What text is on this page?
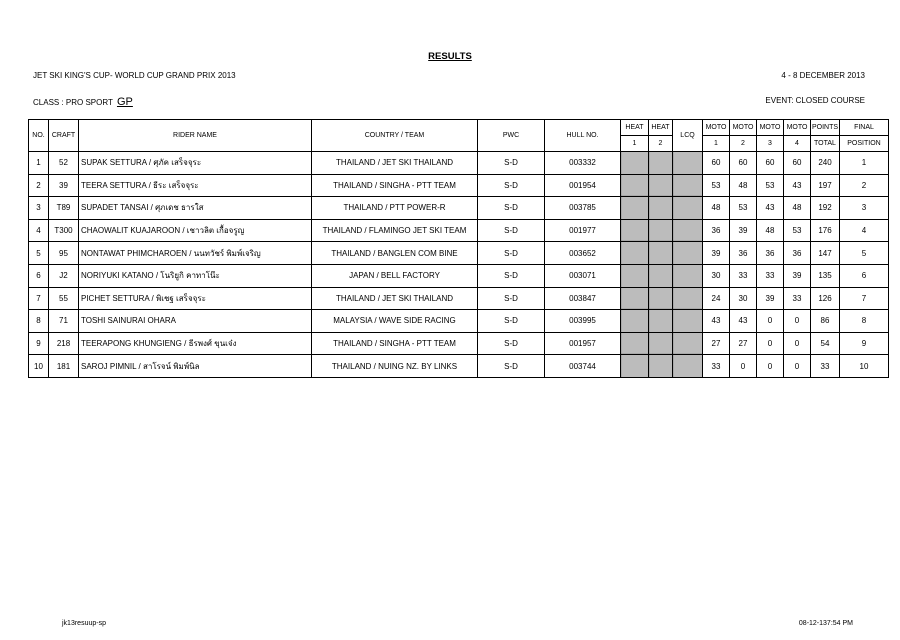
RESULTS
JET SKI KING'S CUP- WORLD CUP GRAND PRIX 2013	4 - 8 DECEMBER 2013
CLASS : PRO SPORT GP	EVENT: CLOSED COURSE
NO.	CRAFT	RIDER NAME	COUNTRY / TEAM	PWC	HULL NO.	HEAT	HEAT	LCQ	MOTO	MOTO	MOTO	MOTO	POINTS	FINAL
						1	2		1	2	3	4	TOTAL	POSITION
1	52	SUPAK SETTURA / ศุภัค เสร็จจุระ	THAILAND / JET SKI THAILAND	S-D	003332				60	60	60	60	240	1
2	39	TEERA SETTURA / ธีระ เสร็จจุระ	THAILAND / SINGHA - PTT TEAM	S-D	001954				53	48	53	43	197	2
3	T89	SUPADET TANSAI / ศุภเดช ธารใส	THAILAND / PTT POWER-R	S-D	003785				48	53	43	48	192	3
4	T300	CHAOWALIT KUAJAROON / เชาวลิต เกื้อจรูญ	THAILAND / FLAMINGO JET SKI TEAM	S-D	001977				36	39	48	53	176	4
5	95	NONTAWAT PHIMCHAROEN / นนทวัชร์ พิมพ์เจริญ	THAILAND / BANGLEN COM BINE	S-D	003652				39	36	36	36	147	5
6	J2	NORIYUKI KATANO / โนริยูกิ คาทาโน๊ะ	JAPAN / BELL FACTORY	S-D	003071				30	33	33	39	135	6
7	55	PICHET SETTURA / พิเชฐ เสร็จจุระ	THAILAND / JET SKI THAILAND	S-D	003847				24	30	39	33	126	7
8	71	TOSHI SAINURAI OHARA	MALAYSIA / WAVE SIDE RACING	S-D	003995				43	43	0	0	86	8
9	218	TEERAPONG KHUNGIENG / ธีรพงศ์ ขุนเจ๋ง	THAILAND / SINGHA - PTT TEAM	S-D	001957				27	27	0	0	54	9
10	181	SAROJ PIMNIL / สาโรจน์ พิมพ์นิล	THAILAND / NUING NZ. BY LINKS	S-D	003744				33	0	0	0	33	10
jk13resuup-sp	08-12-137:54 PM
